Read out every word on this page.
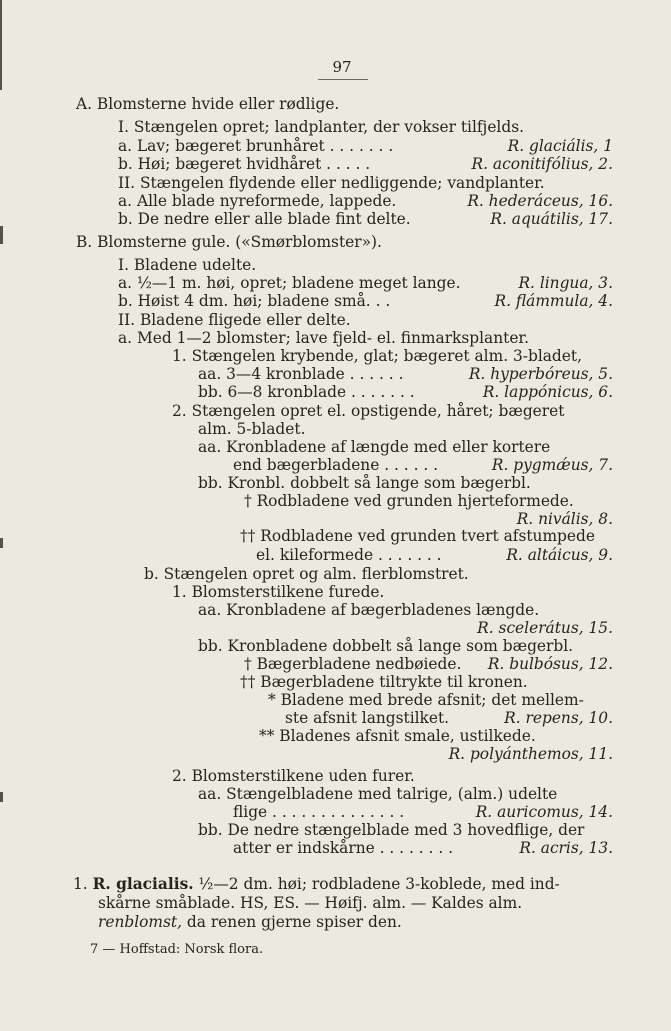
97
A. Blomsterne hvide eller rødlige.
I. Stængelen opret; landplanter, der vokser tilfjelds.
a. Lav; bægeret brunhåret . . . . . . .
b. Høi; bægeret hvidhåret . . . . .
II. Stængelen flydende eller nedliggende; vandplanter.
a. Alle blade nyreformede, lappede.
b. De nedre eller alle blade fint delte.
B. Blomsterne gule. («Smørblomster»).
I. Bladene udelte.
a. ½—1 m. høi, opret; bladene meget lange.
b. Høist 4 dm. høi; bladene små. . .
II. Bladene fligede eller delte.
a. Med 1—2 blomster; lave fjeld- el. finmarksplanter.
1. Stængelen krybende, glat; bægeret alm. 3-bladet,
aa. 3—4 kronblade . . . . . .
bb. 6—8 kronblade . . . . . . .
2. Stængelen opret el. opstigende, håret; bægeret
alm. 5-bladet.
aa. Kronbladene af længde med eller kortere
end bægerbladene . . . . . .
bb. Kronbl. dobbelt så lange som bægerbl.
† Rodbladene ved grunden hjerteformede.
†† Rodbladene ved grunden tvert afstumpede
el. kileformede . . . . . . .
b. Stængelen opret og alm. flerblomstret.
1. Blomsterstilkene furede.
aa. Kronbladene af bægerbladenes længde.
bb. Kronbladene dobbelt så lange som bægerbl.
† Bægerbladene nedbøiede.
†† Bægerbladene tiltrykte til kronen.
* Bladene med brede afsnit; det mellem-
ste afsnit langstilket.
** Bladenes afsnit smale, ustilkede.
2. Blomsterstilkene uden furer.
aa. Stængelbladene med talrige, (alm.) udelte
flige . . . . . . . . . . . . . .
bb. De nedre stængelblade med 3 hovedflige, der
atter er indskårne . . . . . . . .
R. glaciális, 1
R. aconitifólius, 2.
R. hederáceus, 16.
R. aquátilis, 17.
R. lingua, 3.
R. flámmula, 4.
R. hyperbóreus, 5.
R. lappónicus, 6.
R. pygmǽus, 7.
R. nivális, 8.
R. altáicus, 9.
R. scelerátus, 15.
R. bulbósus, 12.
R. repens, 10.
R. polyánthemos, 11.
R. auricomus, 14.
R. acris, 13.
1. R. glacialis. ½—2 dm. høi; rodbladene 3-koblede, med ind-
skårne småblade. HS, ES. — Høifj. alm. — Kaldes alm.
renblomst, da renen gjerne spiser den.
7 — Hoffstad: Norsk flora.
